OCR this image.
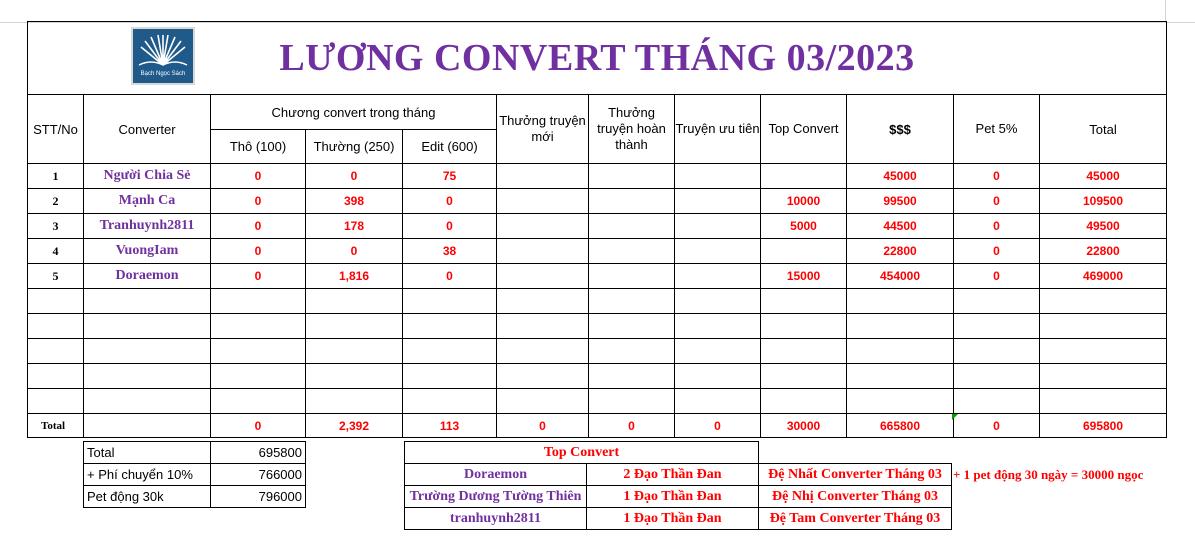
Bạch Ngọc Sách LƯƠNG CONVERT THÁNG 03/2023											

STT/No	Converter	Chương convert trong tháng			Thưởng truyện mới	Thưởng truyện hoàn thành	Truyện ưu tiên	Top Convert	$$$	Pet 5%	Total
		Thô (100)	Thường (250)	Edit (600)							
1	Người Chia Sẻ	0	0	75					45000	0	45000
2	Mạnh Ca	0	398	0				10000	99500	0	109500
3	Tranhuynh2811	0	178	0				5000	44500	0	49500
4	VuongIam	0	0	38					22800	0	22800
5	Doraemon	0	1,816	0				15000	454000	0	469000

Total		0	2,392	113	0	0	0	30000	665800	0	695800
Total	695800
+ Phí chuyển 10%	766000
Pet động 30k	796000
Top Convert		
Doraemon	2 Đạo Thần Đan	Đệ Nhất Converter Tháng 03
Trường Dương Tường Thiên	1 Đạo Thần Đan	Đệ Nhị Converter Tháng 03
tranhuynh2811	1 Đạo Thần Đan	Đệ Tam Converter Tháng 03
+ 1 pet động 30 ngày = 30000 ngọc
